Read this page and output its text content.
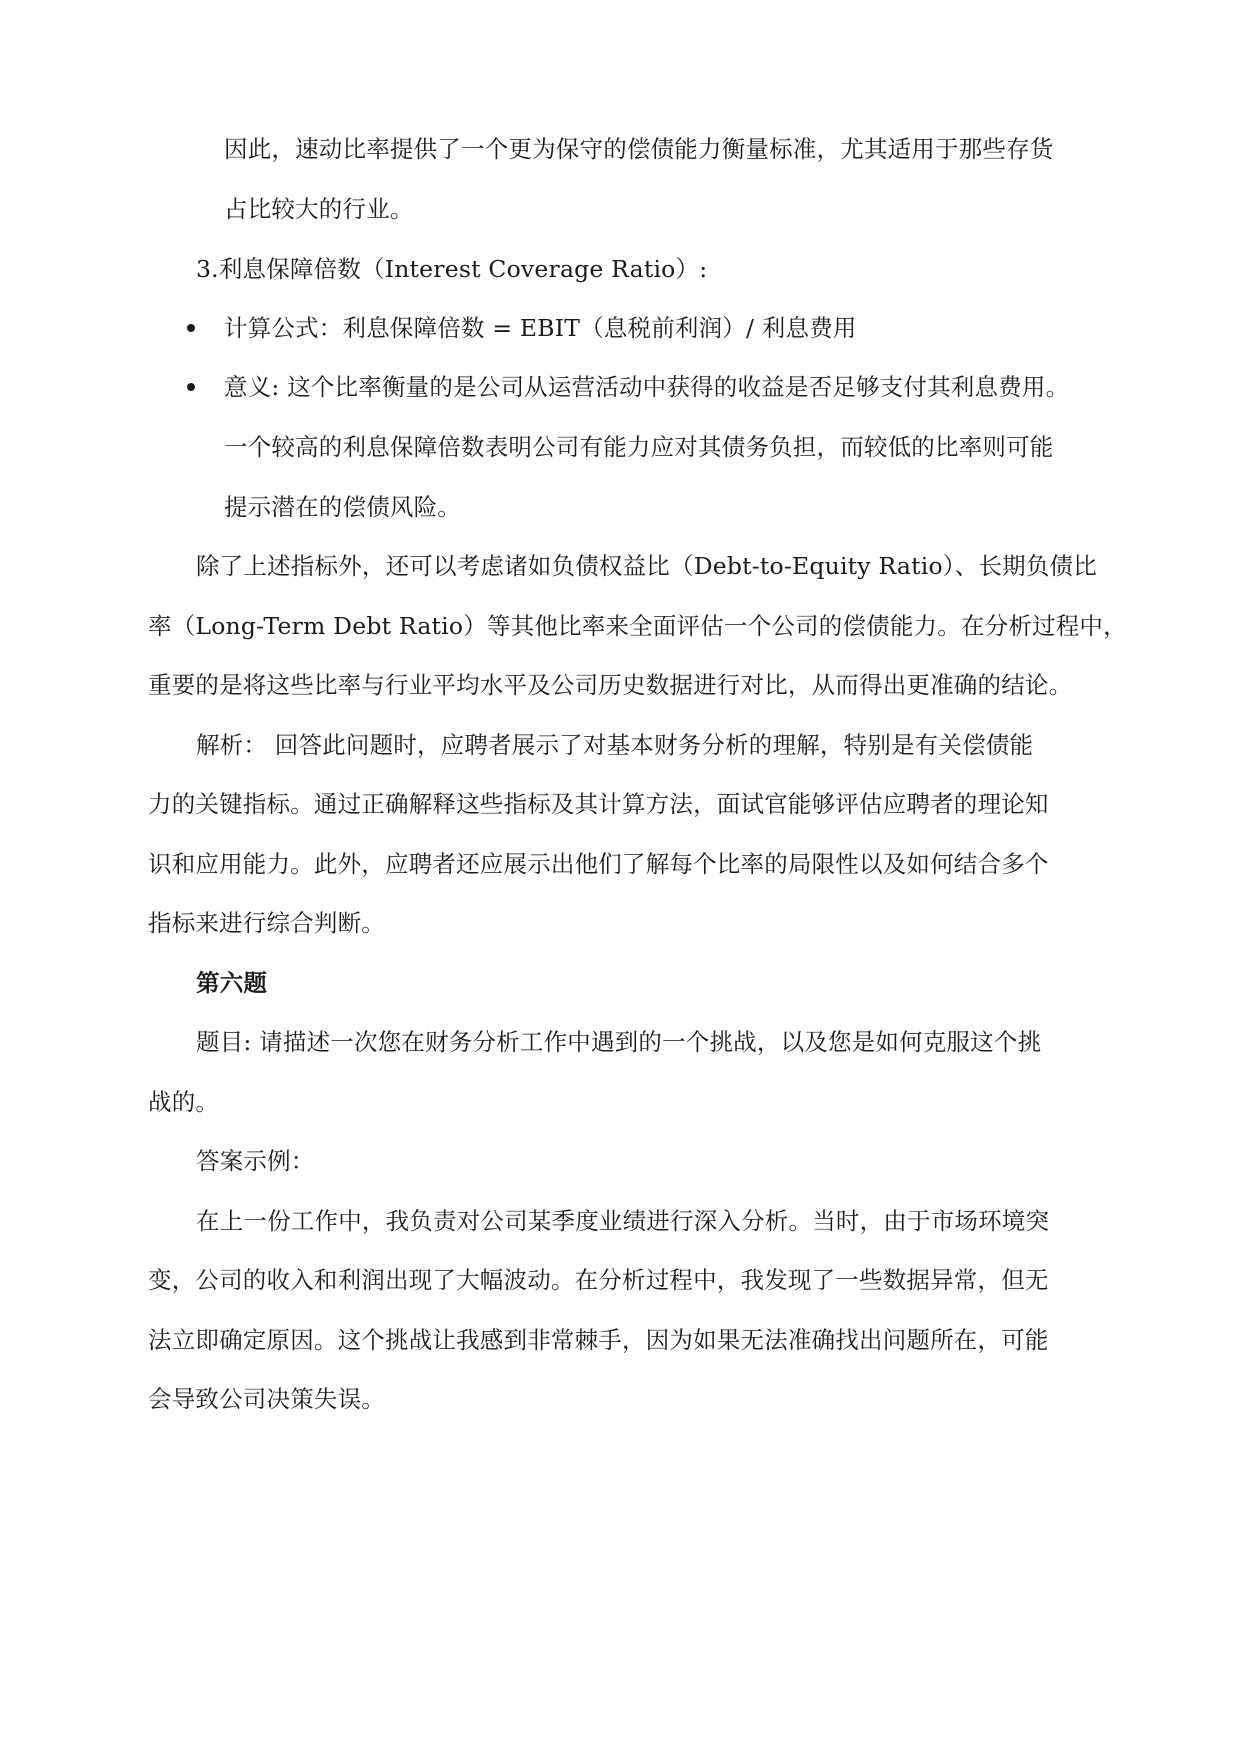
因此，速动比率提供了一个更为保守的偿债能力衡量标准，尤其适用于那些存货
占比较大的行业。
3.利息保障倍数（Interest Coverage Ratio）:
计算公式：利息保障倍数 = EBIT（息税前利润）/ 利息费用
意义: 这个比率衡量的是公司从运营活动中获得的收益是否足够支付其利息费用。
一个较高的利息保障倍数表明公司有能力应对其债务负担，而较低的比率则可能
提示潜在的偿债风险。
除了上述指标外，还可以考虑诸如负债权益比（Debt-to-Equity Ratio）、长期负债比
率（Long-Term Debt Ratio）等其他比率来全面评估一个公司的偿债能力。在分析过程中，
重要的是将这些比率与行业平均水平及公司历史数据进行对比，从而得出更准确的结论。
解析： 回答此问题时，应聘者展示了对基本财务分析的理解，特别是有关偿债能
力的关键指标。通过正确解释这些指标及其计算方法，面试官能够评估应聘者的理论知
识和应用能力。此外，应聘者还应展示出他们了解每个比率的局限性以及如何结合多个
指标来进行综合判断。
第六题
题目: 请描述一次您在财务分析工作中遇到的一个挑战，以及您是如何克服这个挑
战的。
答案示例：
在上一份工作中，我负责对公司某季度业绩进行深入分析。当时，由于市场环境突
变，公司的收入和利润出现了大幅波动。在分析过程中，我发现了一些数据异常，但无
法立即确定原因。这个挑战让我感到非常棘手，因为如果无法准确找出问题所在，可能
会导致公司决策失误。
